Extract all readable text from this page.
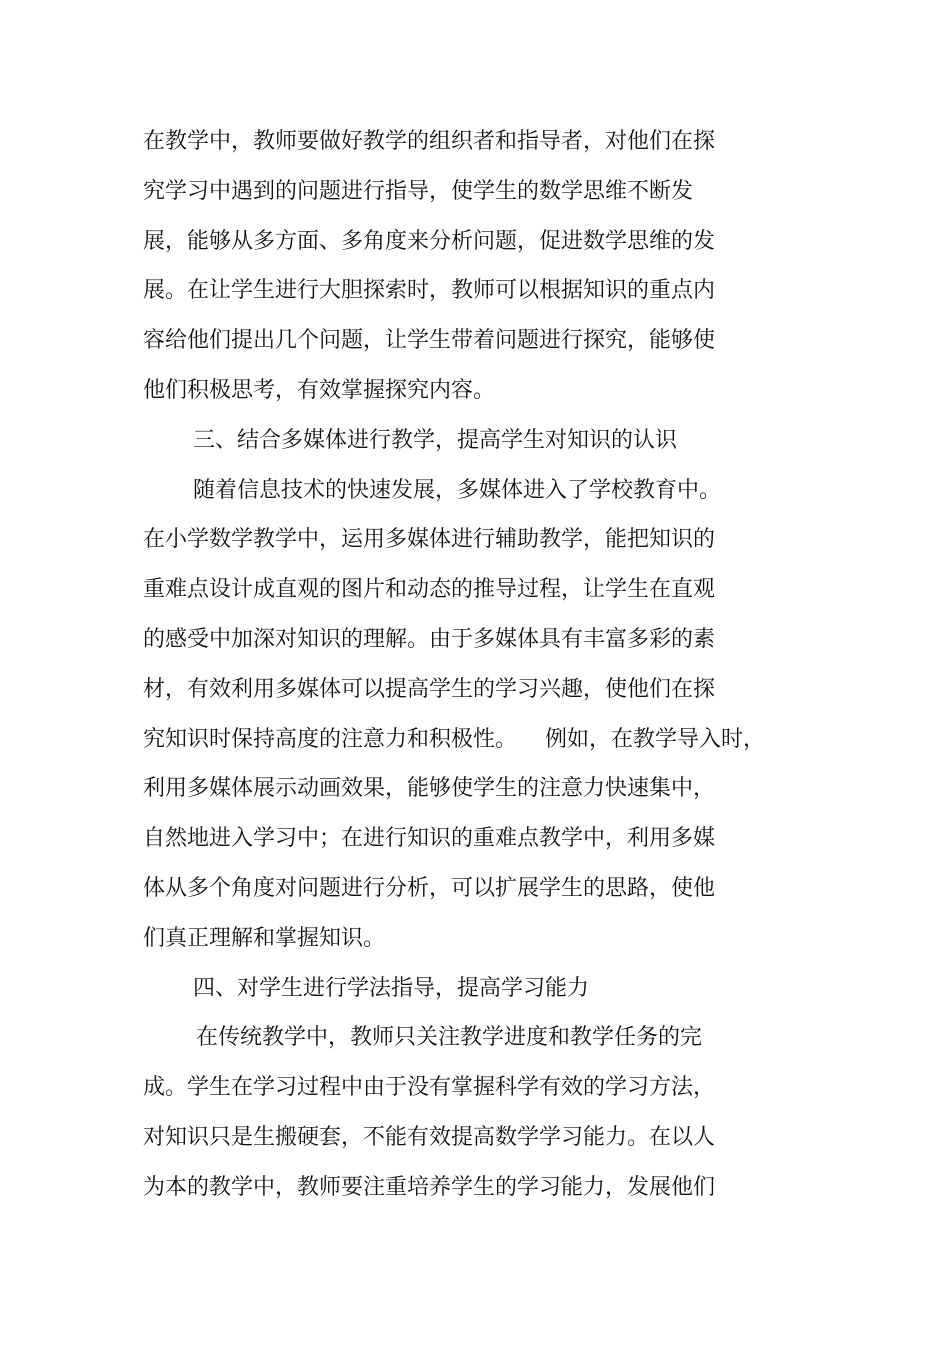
在教学中，教师要做好教学的组织者和指导者，对他们在探
究学习中遇到的问题进行指导，使学生的数学思维不断发
展，能够从多方面、多角度来分析问题，促进数学思维的发
展。在让学生进行大胆探索时，教师可以根据知识的重点内
容给他们提出几个问题，让学生带着问题进行探究，能够使
他们积极思考，有效掌握探究内容。
三、结合多媒体进行教学，提高学生对知识的认识
随着信息技术的快速发展，多媒体进入了学校教育中。
在小学数学教学中，运用多媒体进行辅助教学，能把知识的
重难点设计成直观的图片和动态的推导过程，让学生在直观
的感受中加深对知识的理解。由于多媒体具有丰富多彩的素
材，有效利用多媒体可以提高学生的学习兴趣，使他们在探
究知识时保持高度的注意力和积极性。    例如，在教学导入时，
利用多媒体展示动画效果，能够使学生的注意力快速集中，
自然地进入学习中；在进行知识的重难点教学中，利用多媒
体从多个角度对问题进行分析，可以扩展学生的思路，使他
们真正理解和掌握知识。
四、对学生进行学法指导，提高学习能力
在传统教学中，教师只关注教学进度和教学任务的完
成。学生在学习过程中由于没有掌握科学有效的学习方法，
对知识只是生搬硬套，不能有效提高数学学习能力。在以人
为本的教学中，教师要注重培养学生的学习能力，发展他们
